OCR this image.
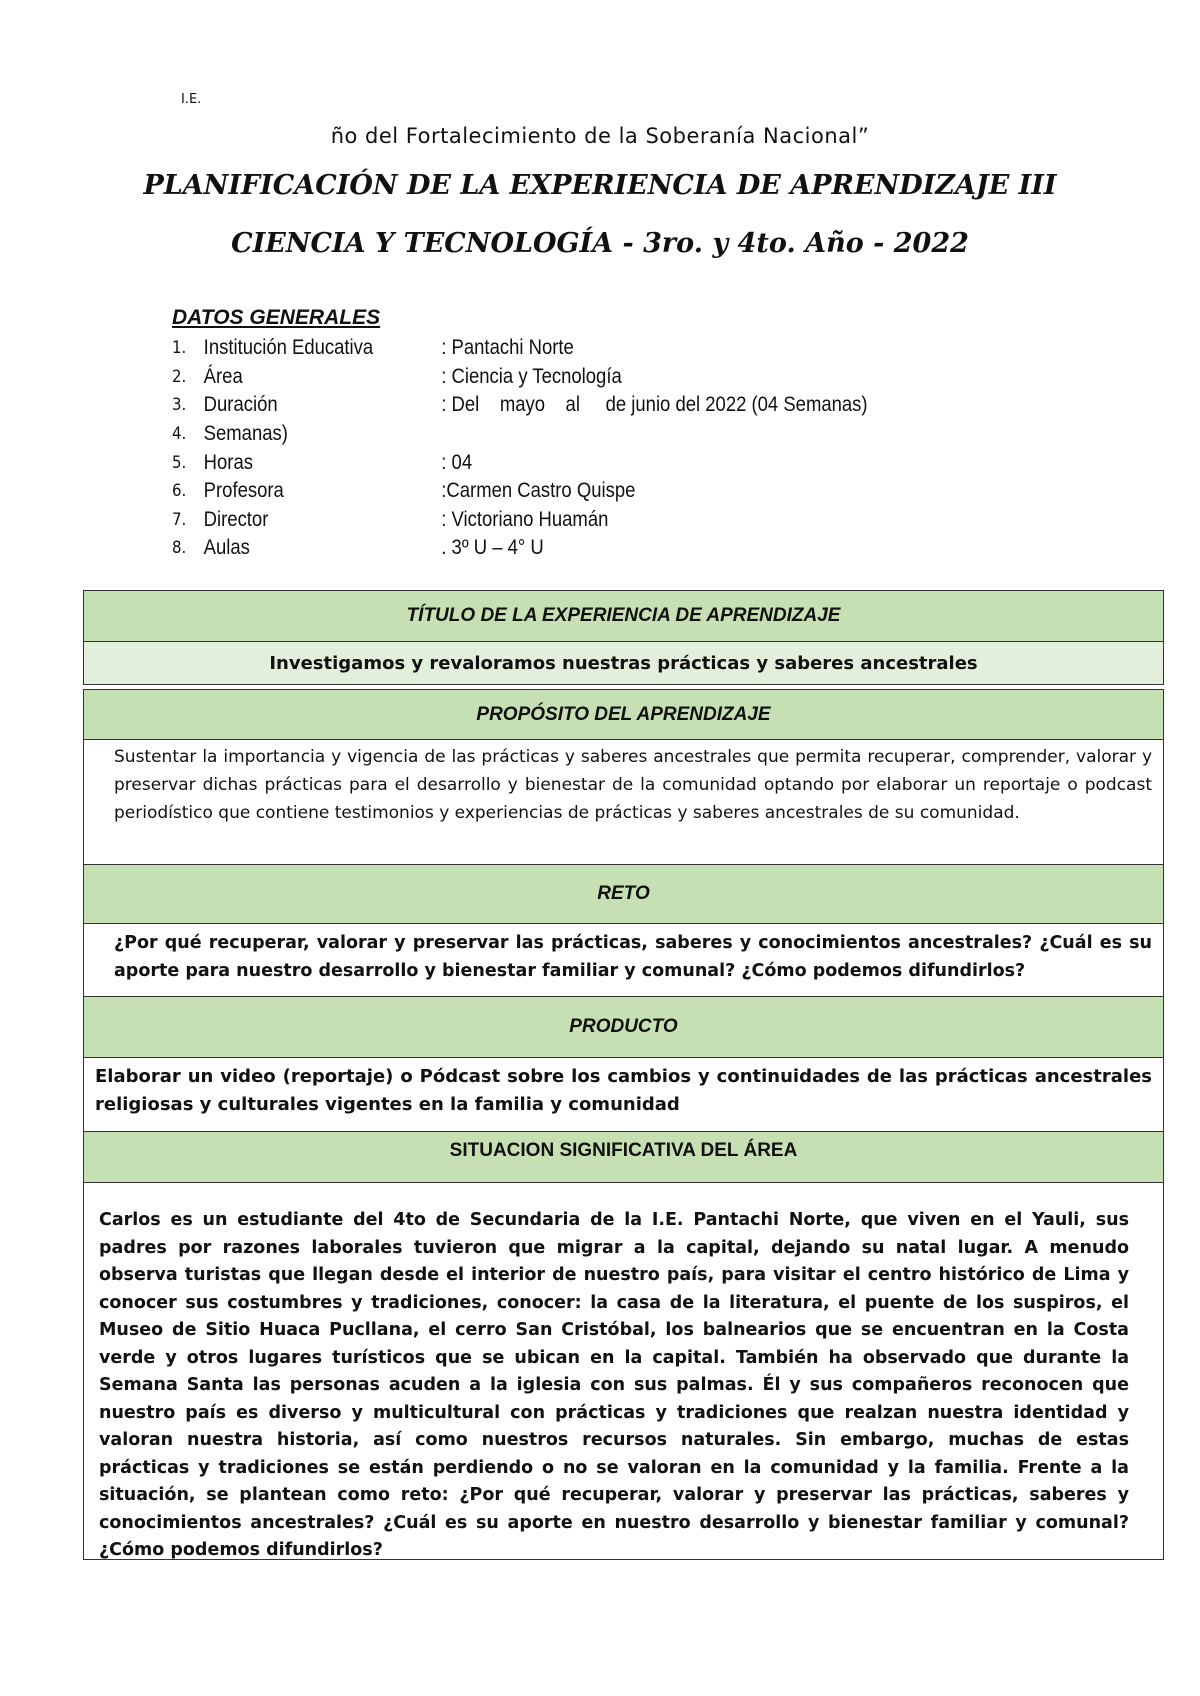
I.E.
ño del Fortalecimiento de la Soberanía Nacional”
PLANIFICACIÓN DE LA EXPERIENCIA DE APRENDIZAJE III
CIENCIA Y TECNOLOGÍA - 3ro. y 4to. Año - 2022
DATOS GENERALES
1. Institución Educativa	: Pantachi Norte
2. Área	: Ciencia y Tecnología
3. Duración	: Del    mayo    al     de junio del 2022 (04 Semanas)
4. Semanas)
5. Horas	: 04
6. Profesora	:Carmen Castro Quispe
7. Director	: Victoriano Huamán
8. Aulas	. 3º U – 4° U
TÍTULO DE LA EXPERIENCIA DE APRENDIZAJE
Investigamos y revaloramos nuestras prácticas y saberes ancestrales
PROPÓSITO DEL APRENDIZAJE
Sustentar la importancia y vigencia de las prácticas y saberes ancestrales que permita recuperar, comprender, valorar y preservar dichas prácticas para el desarrollo y bienestar de la comunidad optando por elaborar un reportaje o podcast periodístico que contiene testimonios y experiencias de prácticas y saberes ancestrales de su comunidad.
RETO
¿Por qué recuperar, valorar y preservar las prácticas, saberes y conocimientos ancestrales? ¿Cuál es su aporte para nuestro desarrollo y bienestar familiar y comunal? ¿Cómo podemos difundirlos?
PRODUCTO
Elaborar un video (reportaje) o Pódcast sobre los cambios y continuidades de las prácticas ancestrales religiosas y culturales vigentes en la familia y comunidad
SITUACION SIGNIFICATIVA DEL ÁREA
Carlos es un estudiante del 4to de Secundaria de la I.E. Pantachi Norte, que viven en el Yauli, sus padres por razones laborales tuvieron que migrar a la capital, dejando su natal lugar. A menudo observa turistas que llegan desde el interior de nuestro país, para visitar el centro histórico de Lima y conocer sus costumbres y tradiciones, conocer: la casa de la literatura, el puente de los suspiros, el Museo de Sitio Huaca Pucllana, el cerro San Cristóbal, los balnearios que se encuentran en la Costa verde y otros lugares turísticos que se ubican en la capital. También ha observado que durante la Semana Santa las personas acuden a la iglesia con sus palmas. Él y sus compañeros reconocen que nuestro país es diverso y multicultural con prácticas y tradiciones que realzan nuestra identidad y valoran nuestra historia, así como nuestros recursos naturales. Sin embargo, muchas de estas prácticas y tradiciones se están perdiendo o no se valoran en la comunidad y la familia. Frente a la situación, se plantean como reto: ¿Por qué recuperar, valorar y preservar las prácticas, saberes y conocimientos ancestrales? ¿Cuál es su aporte en nuestro desarrollo y bienestar familiar y comunal? ¿Cómo podemos difundirlos?
